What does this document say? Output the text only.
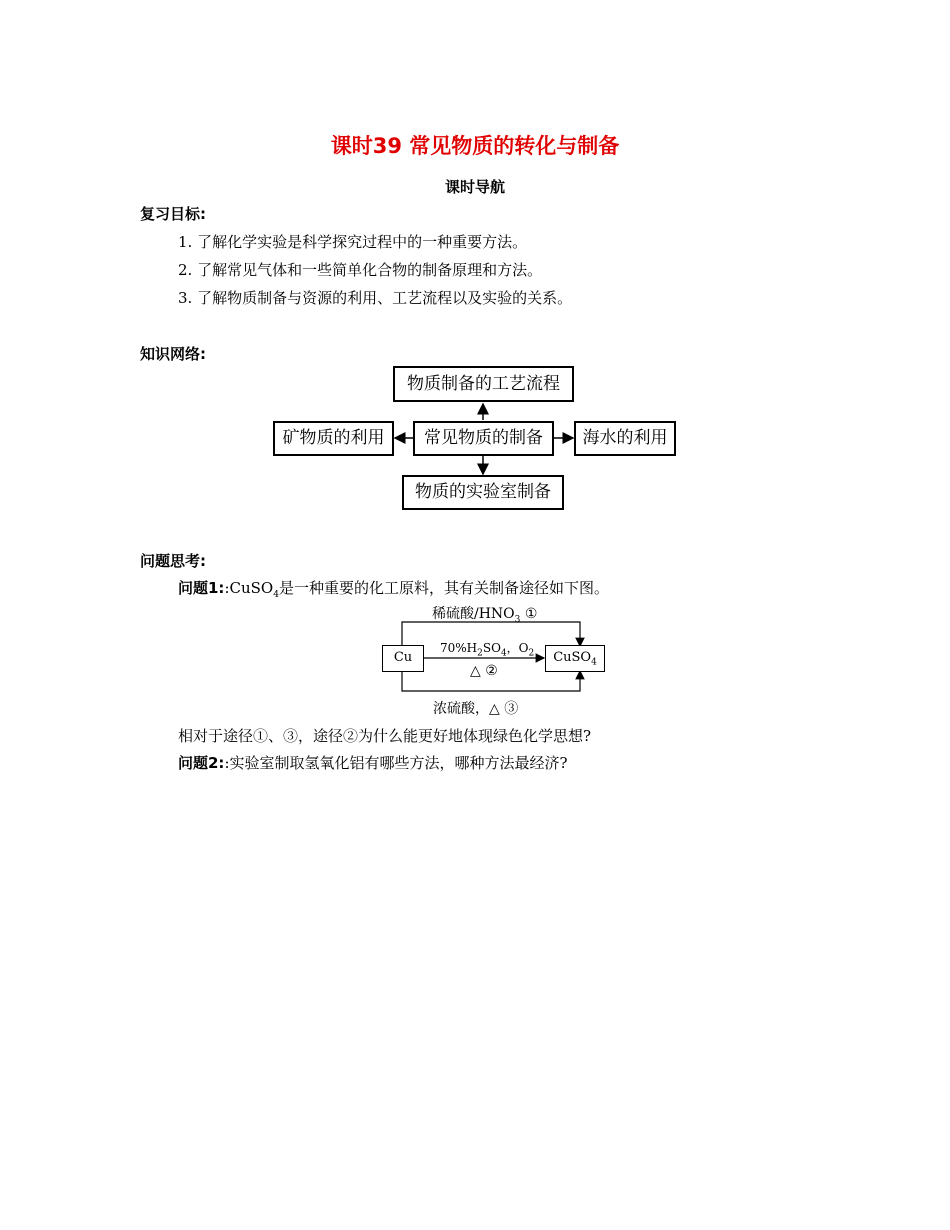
课时39 常见物质的转化与制备
课时导航
复习目标:
1. 了解化学实验是科学探究过程中的一种重要方法。
2. 了解常见气体和一些简单化合物的制备原理和方法。
3. 了解物质制备与资源的利用、工艺流程以及实验的关系。
知识网络:
物质制备的工艺流程
矿物质的利用	常见物质的制备	海水的利用
物质的实验室制备
问题思考:
问题1::CuSO$_4$是一种重要的化工原料，其有关制备途径如下图。
稀硫酸$/HNO_3$ ①
$70\%H_2SO_4$，$O_2$
△ ②
浓硫酸，△ ③
Cu	CuSO$_4$
相对于途径①、③，途径②为什么能更好地体现绿色化学思想?
问题2::实验室制取氢氧化铝有哪些方法，哪种方法最经济?
